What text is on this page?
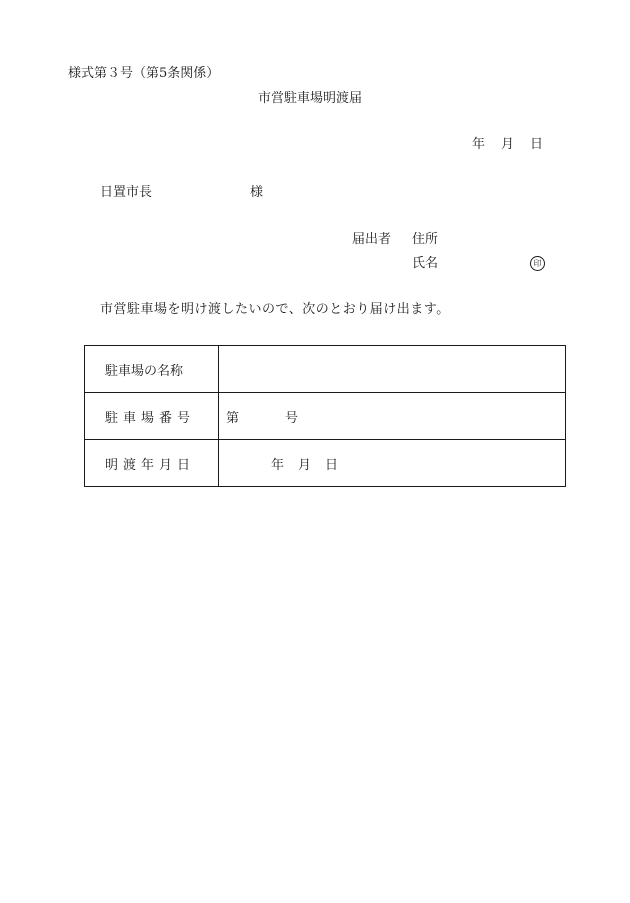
様式第３号（第5条関係）
市営駐車場明渡届
年 月 日
日置市長	様
届出者 住所
氏名	印
市営駐車場を明け渡したいので、次のとおり届け出ます。
駐車場の名称	
駐車場番号	第 号
明渡年月日	年 月 日
